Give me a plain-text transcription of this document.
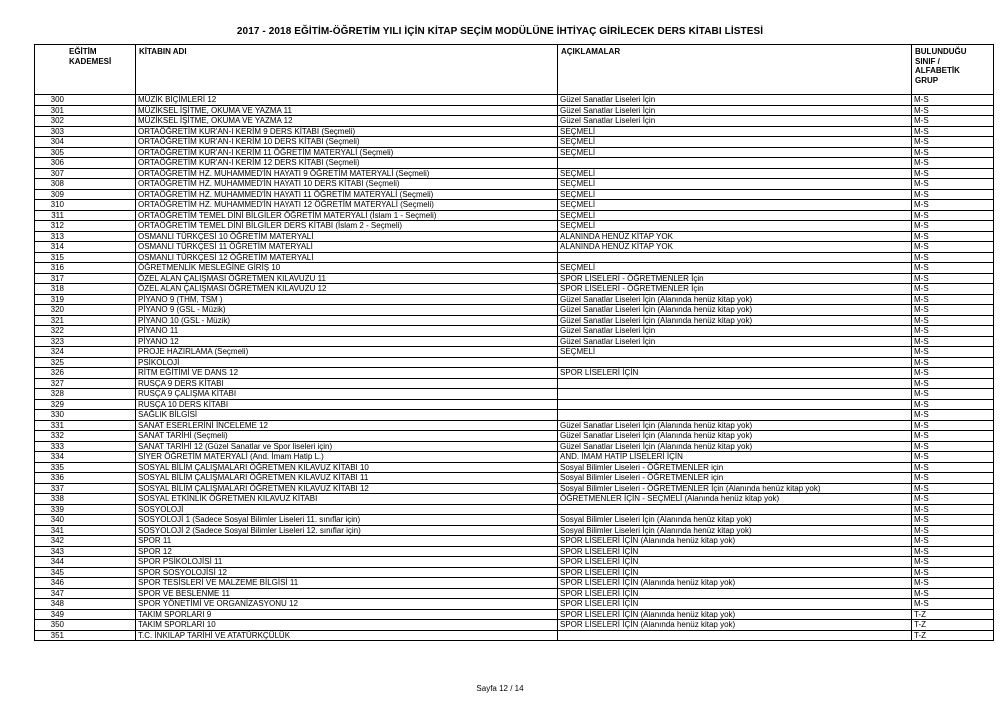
2017 - 2018 EĞİTİM-ÖĞRETİM YILI İÇİN KİTAP SEÇİM MODÜLÜNE İHTİYAÇ GİRİLECEK DERS KİTABI LİSTESİ

EĞİTİM
KADEMESİ
	KİTABIN ADI	AÇIKLAMALAR	BULUNDUĞU
SINIF /
ALFABETİK
GRUP

300		MÜZİK BİÇİMLERİ 12	Güzel Sanatlar Liseleri İçin	M-S
301		MÜZİKSEL İŞİTME, OKUMA VE YAZMA 11	Güzel Sanatlar Liseleri İçin	M-S
302		MÜZİKSEL İŞİTME, OKUMA VE YAZMA 12	Güzel Sanatlar Liseleri İçin	M-S
303		ORTAÖĞRETİM KUR'AN-I KERİM 9 DERS KİTABI (Seçmeli)	SEÇMELİ	M-S
304		ORTAÖĞRETİM KUR'AN-I KERİM 10 DERS KİTABI (Seçmeli)	SEÇMELİ	M-S
305		ORTAÖĞRETİM KUR'AN-I KERİM 11 ÖĞRETİM MATERYALİ (Seçmeli)	SEÇMELİ	M-S
306		ORTAÖĞRETİM KUR'AN-I KERİM 12 DERS KİTABI (Seçmeli)		M-S
307		ORTAÖĞRETİM HZ. MUHAMMED'İN HAYATI 9 ÖĞRETİM MATERYALİ (Seçmeli)	SEÇMELİ	M-S
308		ORTAÖĞRETİM HZ. MUHAMMED'İN HAYATI 10 DERS KİTABI (Seçmeli)	SEÇMELİ	M-S
309		ORTAÖĞRETİM HZ. MUHAMMED'İN HAYATI 11 ÖĞRETİM MATERYALİ (Seçmeli)	SEÇMELİ	M-S
310		ORTAÖĞRETİM HZ. MUHAMMED'İN HAYATI 12 ÖĞRETİM MATERYALİ (Seçmeli)	SEÇMELİ	M-S
311		ORTAÖĞRETİM TEMEL DİNİ BİLGİLER ÖĞRETİM MATERYALİ (İslam 1 - Seçmeli)	SEÇMELİ	M-S
312		ORTAÖĞRETİM TEMEL DİNİ BİLGİLER DERS KİTABI (İslam 2 - Seçmeli)	SEÇMELİ	M-S
313		OSMANLI TÜRKÇESİ 10 ÖĞRETİM MATERYALİ	ALANINDA HENÜZ KİTAP YOK	M-S
314		OSMANLI TÜRKÇESİ 11 ÖĞRETİM MATERYALİ	ALANINDA HENÜZ KİTAP YOK	M-S
315		OSMANLI TÜRKÇESİ 12 ÖĞRETİM MATERYALİ		M-S
316		ÖĞRETMENLİK MESLEĞİNE GİRİŞ 10	SEÇMELİ	M-S
317		ÖZEL ALAN ÇALIŞMASI ÖĞRETMEN KILAVUZU 11	SPOR LİSELERİ - ÖĞRETMENLER İçin	M-S
318		ÖZEL ALAN ÇALIŞMASI ÖĞRETMEN KILAVUZU 12	SPOR LİSELERİ - ÖĞRETMENLER İçin	M-S
319		PİYANO 9 (THM, TSM )	Güzel Sanatlar Liseleri İçin (Alanında henüz kitap yok)	M-S
320		PİYANO 9 (GSL - Müzik)	Güzel Sanatlar Liseleri İçin (Alanında henüz kitap yok)	M-S
321		PİYANO 10 (GSL - Müzik)	Güzel Sanatlar Liseleri İçin (Alanında henüz kitap yok)	M-S
322		PİYANO 11	Güzel Sanatlar Liseleri İçin	M-S
323		PİYANO 12	Güzel Sanatlar Liseleri İçin	M-S
324		PROJE HAZIRLAMA (Seçmeli)	SEÇMELİ	M-S
325		PSİKOLOJİ		M-S
326		RİTM EĞİTİMİ VE DANS 12	SPOR LİSELERİ İÇİN	M-S
327		RUSÇA 9 DERS KİTABI		M-S
328		RUSÇA 9 ÇALIŞMA KİTABI		M-S
329		RUSÇA 10 DERS KİTABI		M-S
330		SAĞLIK BİLGİSİ		M-S
331		SANAT ESERLERİNİ İNCELEME 12	Güzel Sanatlar Liseleri İçin (Alanında henüz kitap yok)	M-S
332		SANAT TARİHİ (Seçmeli)	Güzel Sanatlar Liseleri İçin (Alanında henüz kitap yok)	M-S
333		SANAT TARİHİ 12 (Güzel Sanatlar ve Spor liseleri için)	Güzel Sanatlar Liseleri İçin (Alanında henüz kitap yok)	M-S
334		SİYER ÖĞRETİM MATERYALİ (And. İmam Hatip L.)	AND. İMAM HATİP LİSELERİ İÇİN	M-S
335		SOSYAL BİLİM ÇALIŞMALARI ÖĞRETMEN KILAVUZ KİTABI 10	Sosyal Bilimler Liseleri - ÖĞRETMENLER için	M-S
336		SOSYAL BİLİM ÇALIŞMALARI ÖĞRETMEN KILAVUZ KİTABI 11	Sosyal Bilimler Liseleri - ÖĞRETMENLER için	M-S
337		SOSYAL BİLİM ÇALIŞMALARI ÖĞRETMEN KILAVUZ KİTABI 12	Sosyal Bilimler Liseleri - ÖĞRETMENLER İçin (Alanında henüz kitap yok)	M-S
338		SOSYAL ETKİNLİK ÖĞRETMEN KILAVUZ KİTABI	ÖĞRETMENLER İÇİN - SEÇMELİ (Alanında henüz kitap yok)	M-S
339		SOSYOLOJİ		M-S
340		SOSYOLOJİ 1 (Sadece Sosyal Bilimler Liseleri 11. sınıflar için)	Sosyal Bilimler Liseleri İçin (Alanında henüz kitap yok)	M-S
341		SOSYOLOJİ 2 (Sadece Sosyal Bilimler Liseleri 12. sınıflar için)	Sosyal Bilimler Liseleri İçin (Alanında henüz kitap yok)	M-S
342		SPOR 11	SPOR LİSELERİ İÇİN (Alanında henüz kitap yok)	M-S
343		SPOR 12	SPOR LİSELERİ İÇİN	M-S
344		SPOR PSİKOLOJİSİ 11	SPOR LİSELERİ İÇİN	M-S
345		SPOR SOSYOLOJİSİ 12	SPOR LİSELERİ İÇİN	M-S
346		SPOR TESİSLERİ VE MALZEME BİLGİSİ 11	SPOR LİSELERİ İÇİN (Alanında henüz kitap yok)	M-S
347		SPOR VE BESLENME 11	SPOR LİSELERİ İÇİN	M-S
348		SPOR YÖNETİMİ VE ORGANİZASYONU 12	SPOR LİSELERİ İÇİN	M-S
349		TAKIM SPORLARI 9	SPOR LİSELERİ İÇİN (Alanında henüz kitap yok)	T-Z
350		TAKIM SPORLARI 10	SPOR LİSELERİ İÇİN (Alanında henüz kitap yok)	T-Z
351		T.C. İNKILAP TARİHİ VE ATATÜRKÇÜLÜK		T-Z
Sayfa 12 / 14
